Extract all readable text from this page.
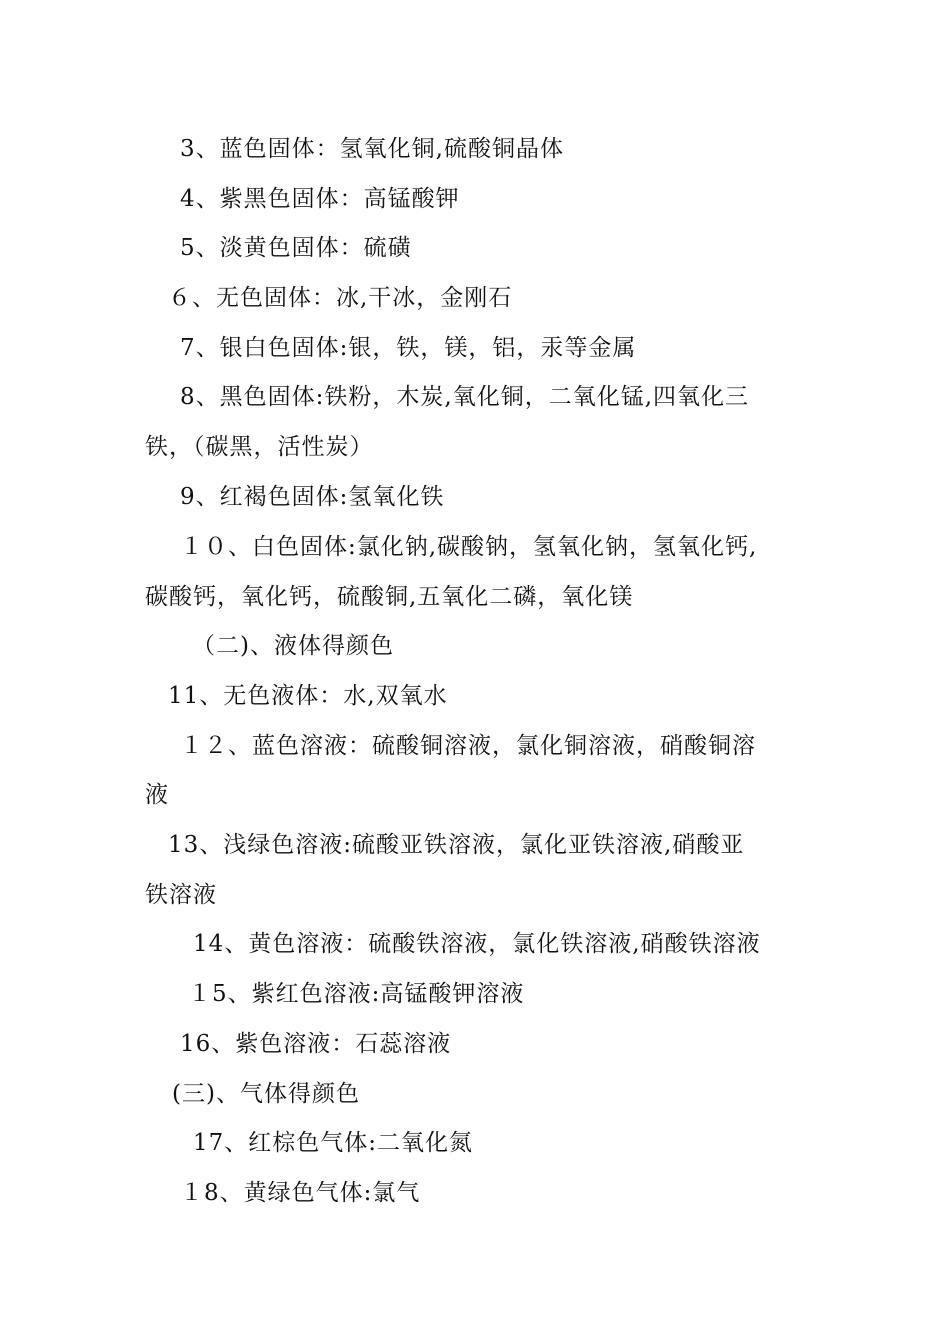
3、蓝色固体：氢氧化铜,硫酸铜晶体
4、紫黑色固体：高锰酸钾
5、淡黄色固体：硫磺
６、无色固体：冰,干冰，金刚石
7、银白色固体:银，铁，镁，铝，汞等金属
8、黑色固体:铁粉，木炭,氧化铜，二氧化锰,四氧化三
铁，（碳黑，活性炭）
9、红褐色固体:氢氧化铁
１０、白色固体:氯化钠,碳酸钠，氢氧化钠，氢氧化钙,
碳酸钙，氧化钙，硫酸铜,五氧化二磷，氧化镁
（二)、液体得颜色
11、无色液体：水,双氧水
１２、蓝色溶液：硫酸铜溶液，氯化铜溶液，硝酸铜溶
液
13、浅绿色溶液:硫酸亚铁溶液，氯化亚铁溶液,硝酸亚
铁溶液
14、黄色溶液：硫酸铁溶液，氯化铁溶液,硝酸铁溶液
１5、紫红色溶液:高锰酸钾溶液
16、紫色溶液：石蕊溶液
(三)、气体得颜色
17、红棕色气体:二氧化氮
１8、黄绿色气体:氯气
